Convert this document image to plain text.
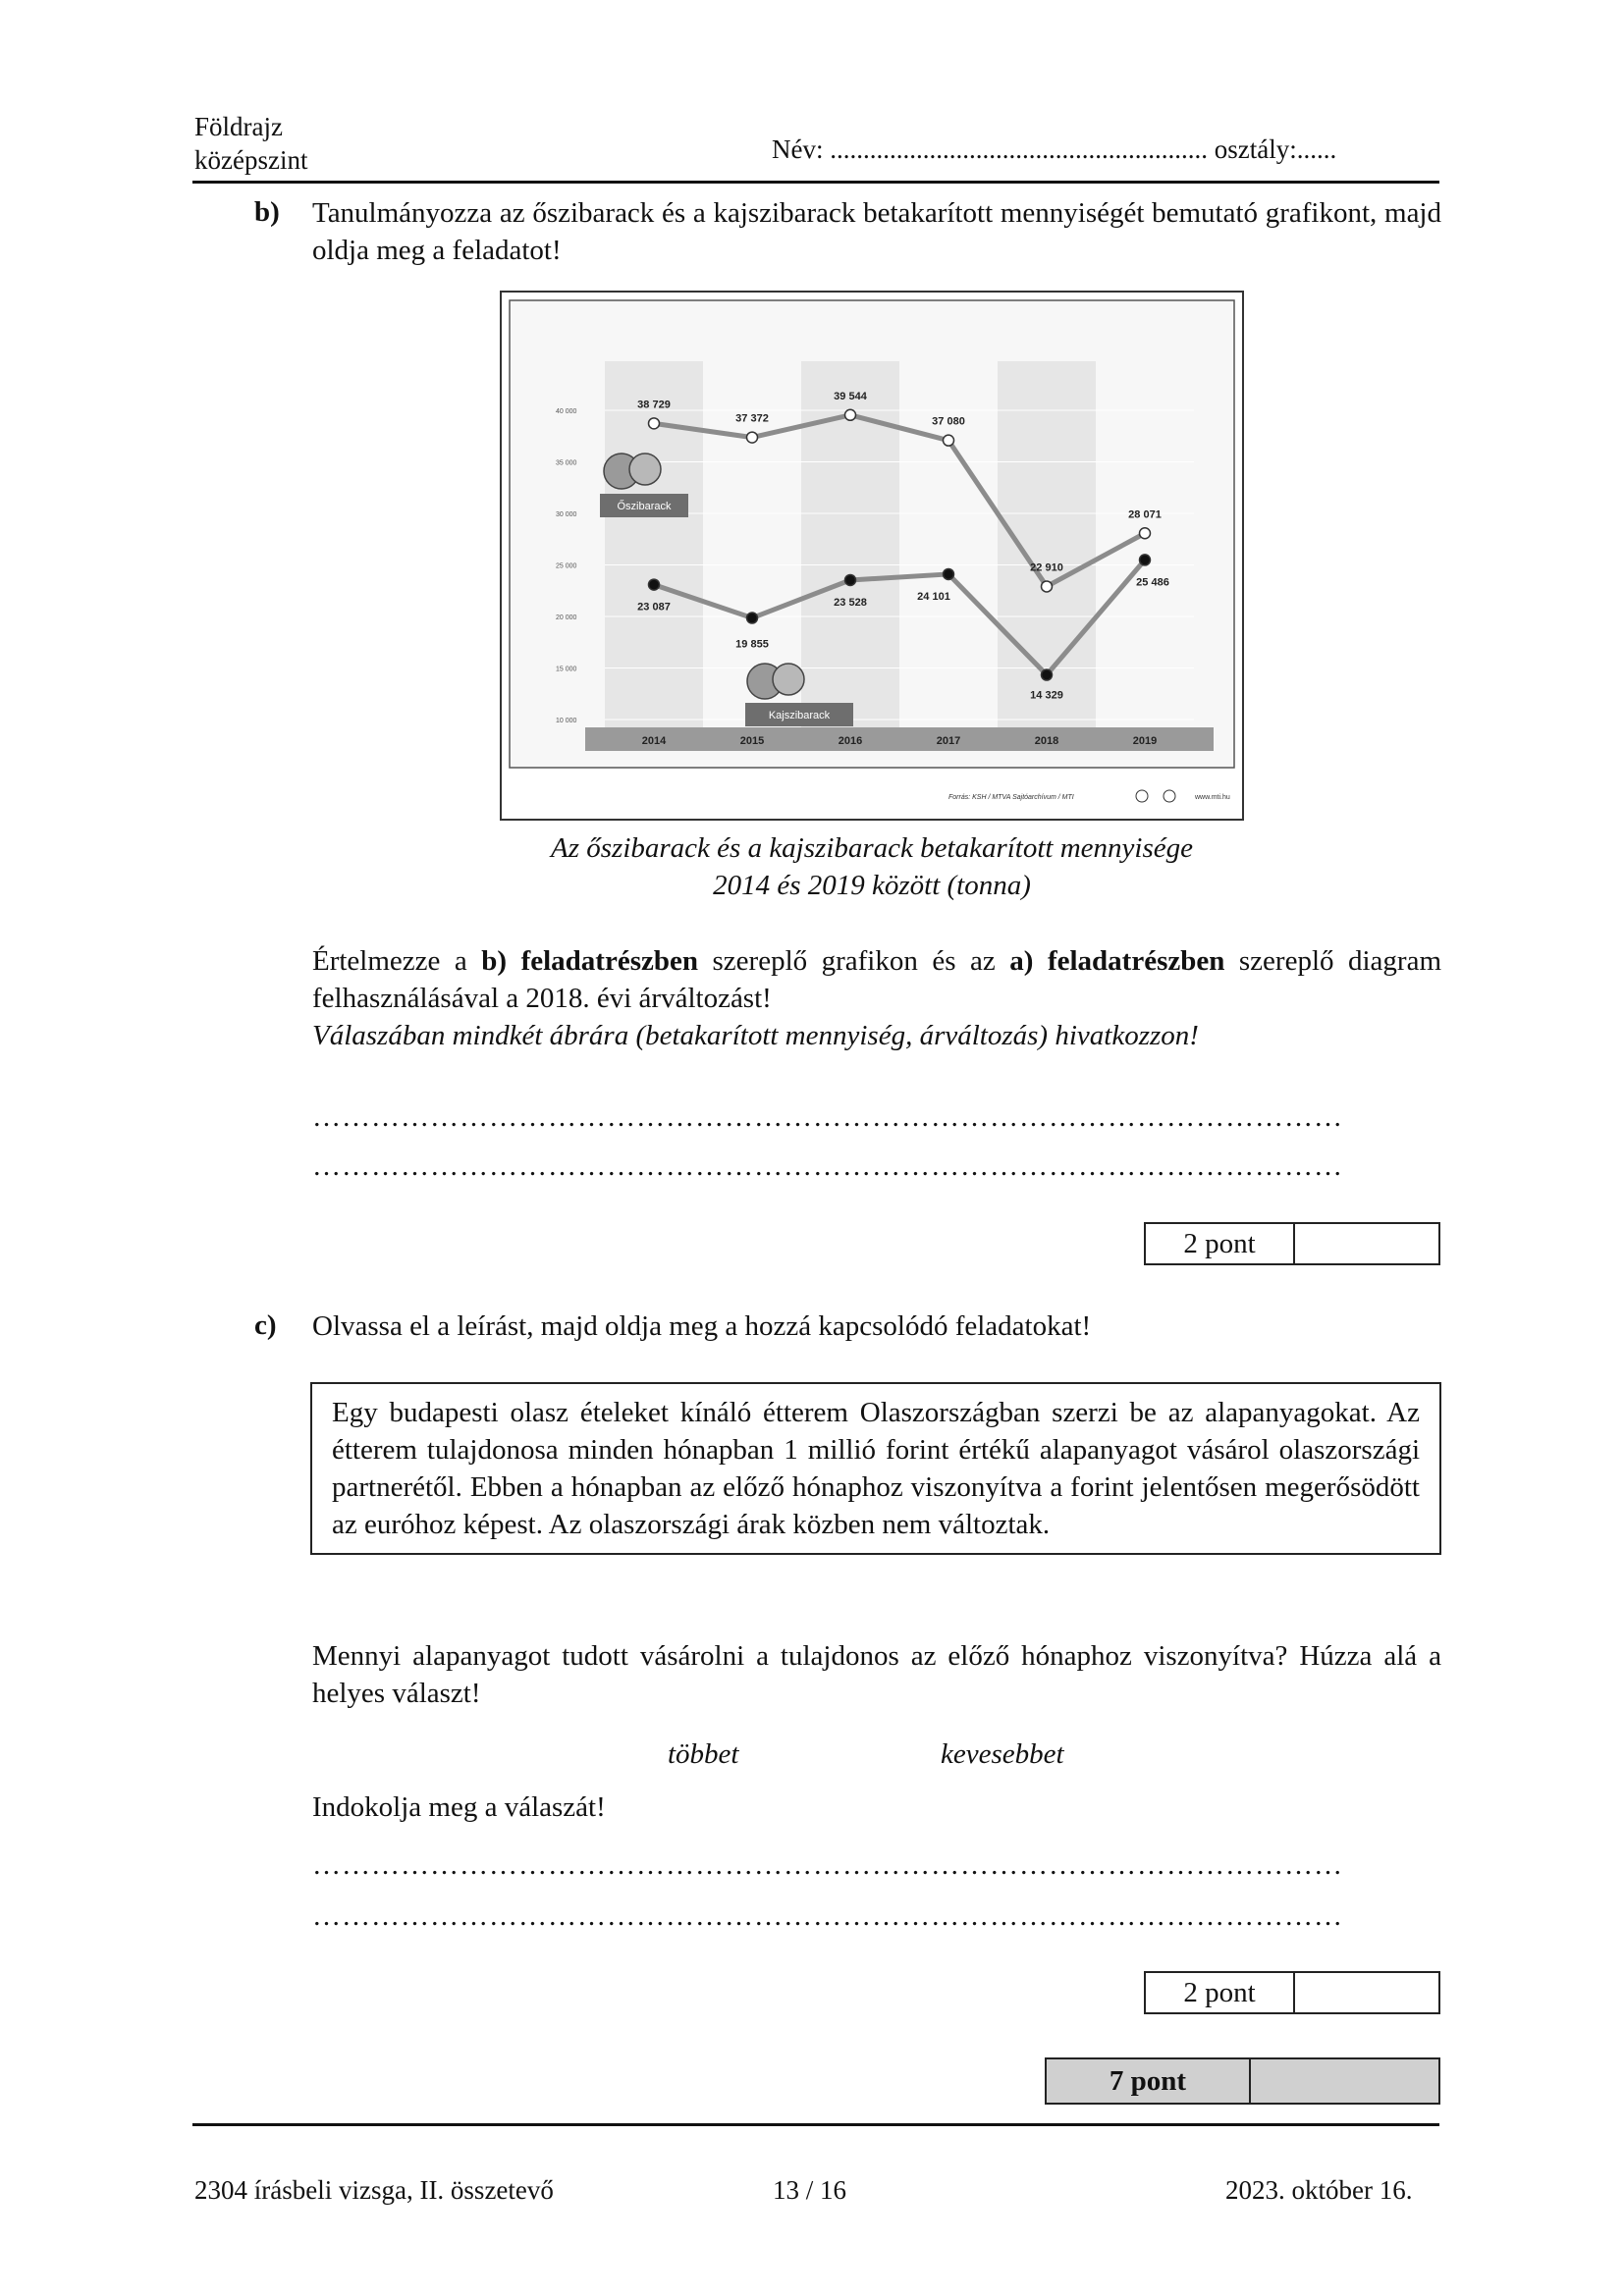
Földrajz
középszint	Név: ......................................................... osztály:......
b) Tanulmányozza az őszibarack és a kajszibarack betakarított mennyiségét bemutató grafikont, majd oldja meg a feladatot!
10 000
15 000
20 000
25 000
30 000
35 000
40 000
2014	2015	2016	2017	2018	2019
38 729
37 372
39 544
37 080
22 910
28 071
23 087
19 855
23 528
24 101
14 329
25 486
Őszibarack
Kajszibarack
Forrás: KSH / MTVA Sajtóarchívum / MTI	www.mti.hu
Az őszibarack és a kajszibarack betakarított mennyisége
2014 és 2019 között (tonna)
Értelmezze a b) feladatrészben szereplő grafikon és az a) feladatrészben szereplő diagram felhasználásával a 2018. évi árváltozást!
Válaszában mindkét ábrára (betakarított mennyiség, árváltozás) hivatkozzon!
……………………………………………………………………………………………
……………………………………………………………………………………………
2 pont
c) Olvassa el a leírást, majd oldja meg a hozzá kapcsolódó feladatokat!
Egy budapesti olasz ételeket kínáló étterem Olaszországban szerzi be az alapanyagokat. Az étterem tulajdonosa minden hónapban 1 millió forint értékű alapanyagot vásárol olaszországi partnerétől. Ebben a hónapban az előző hónaphoz viszonyítva a forint jelentősen megerősödött az euróhoz képest. Az olaszországi árak közben nem változtak.
Mennyi alapanyagot tudott vásárolni a tulajdonos az előző hónaphoz viszonyítva? Húzza alá a helyes választ!
többet	kevesebbet
Indokolja meg a válaszát!
……………………………………………………………………………………………
……………………………………………………………………………………………
2 pont
7 pont
2304 írásbeli vizsga, II. összetevő	13 / 16	2023. október 16.
